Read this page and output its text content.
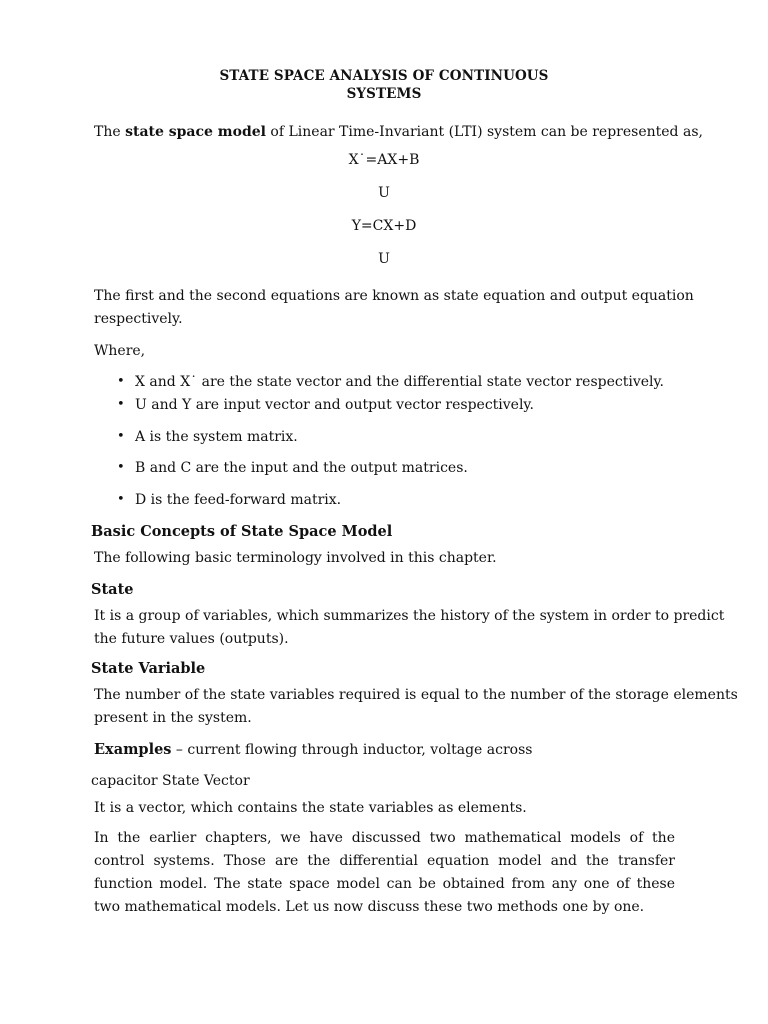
STATE SPACE ANALYSIS OF CONTINUOUS
SYSTEMS
The state space model of Linear Time-Invariant (LTI) system can be represented as,
X˙=AX+B
U
Y=CX+D
U
The first and the second equations are known as state equation and output equation
respectively.
Where,
• X and X˙ are the state vector and the differential state vector respectively.
• U and Y are input vector and output vector respectively.
• A is the system matrix.
• B and C are the input and the output matrices.
• D is the feed-forward matrix.
Basic Concepts of State Space Model
The following basic terminology involved in this chapter.
State
It is a group of variables, which summarizes the history of the system in order to predict
the future values (outputs).
State Variable
The number of the state variables required is equal to the number of the storage elements
present in the system.
Examples – current flowing through inductor, voltage across
capacitor State Vector
It is a vector, which contains the state variables as elements.
In the earlier chapters, we have discussed two mathematical models of the control systems. Those are the differential equation model and the transfer function model. The state space model can be obtained from any one of these two mathematical models. Let us now discuss these two methods one by one.
